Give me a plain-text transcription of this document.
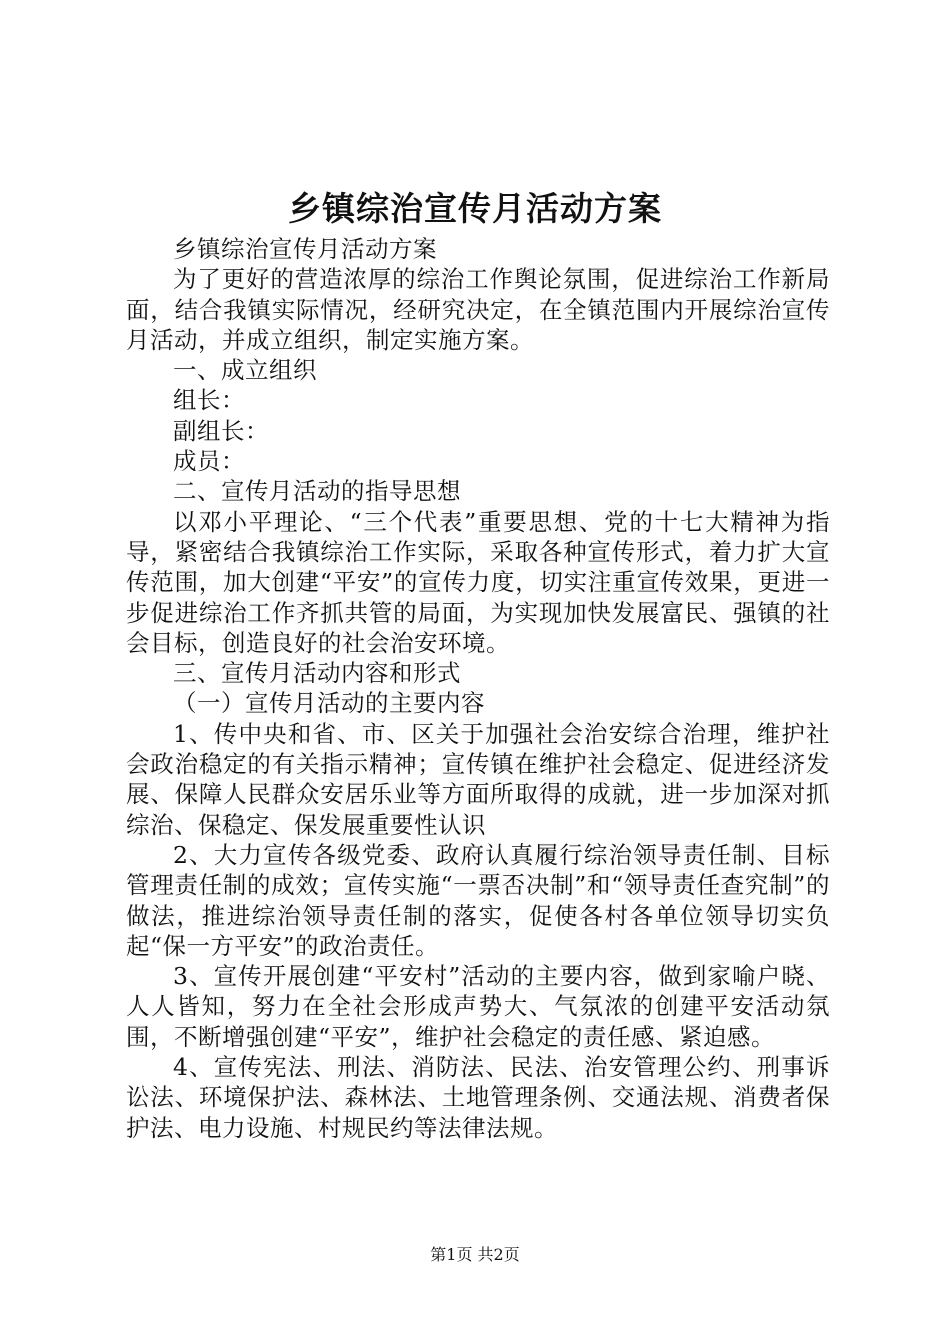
乡镇综治宣传月活动方案

乡镇综治宣传月活动方案

为了更好的营造浓厚的综治工作舆论氛围，促进综治工作新局面，结合我镇实际情况，经研究决定，在全镇范围内开展综治宣传月活动，并成立组织，制定实施方案。

一、成立组织

组长：

副组长：

成员：

二、宣传月活动的指导思想

以邓小平理论、“三个代表”重要思想、党的十七大精神为指导，紧密结合我镇综治工作实际，采取各种宣传形式，着力扩大宣传范围，加大创建“平安”的宣传力度，切实注重宣传效果，更进一步促进综治工作齐抓共管的局面，为实现加快发展富民、强镇的社会目标，创造良好的社会治安环境。

三、宣传月活动内容和形式

（一）宣传月活动的主要内容

1、传中央和省、市、区关于加强社会治安综合治理，维护社会政治稳定的有关指示精神；宣传镇在维护社会稳定、促进经济发展、保障人民群众安居乐业等方面所取得的成就，进一步加深对抓综治、保稳定、保发展重要性认识

2、大力宣传各级党委、政府认真履行综治领导责任制、目标管理责任制的成效；宣传实施“一票否决制”和“领导责任查究制”的做法，推进综治领导责任制的落实，促使各村各单位领导切实负起“保一方平安”的政治责任。

3、宣传开展创建“平安村”活动的主要内容，做到家喻户晓、人人皆知，努力在全社会形成声势大、气氛浓的创建平安活动氛围，不断增强创建“平安”，维护社会稳定的责任感、紧迫感。

4、宣传宪法、刑法、消防法、民法、治安管理公约、刑事诉讼法、环境保护法、森林法、土地管理条例、交通法规、消费者保护法、电力设施、村规民约等法律法规。

第1页 共2页
